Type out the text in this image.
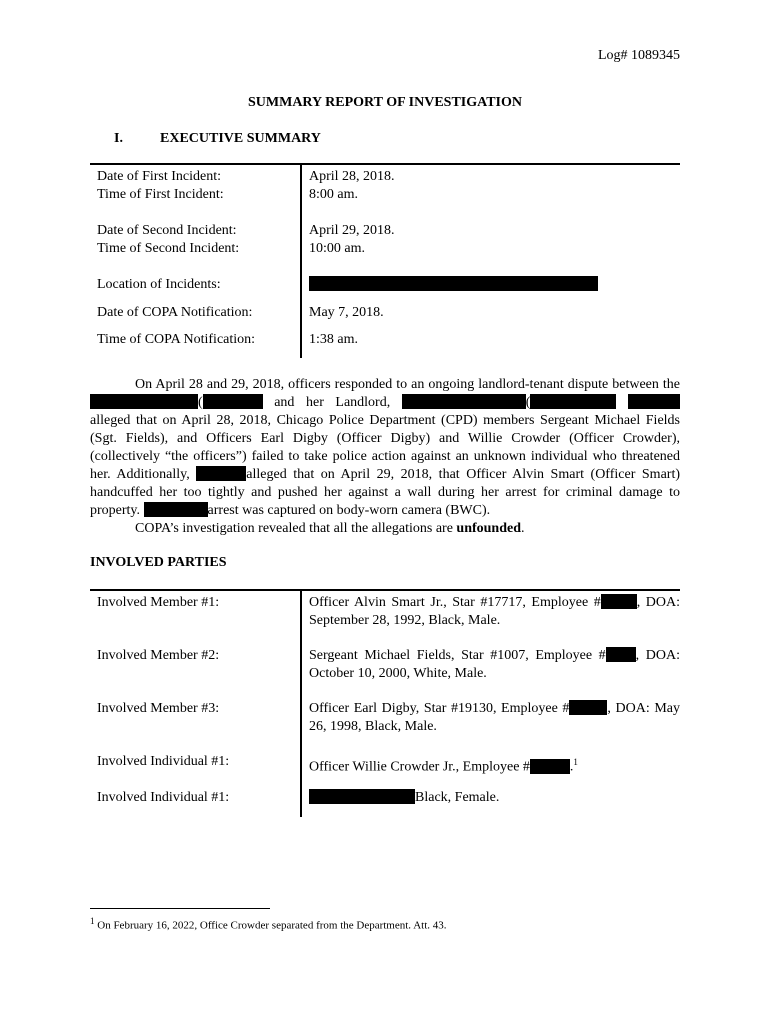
Log# 1089345
SUMMARY REPORT OF INVESTIGATION
I.	EXECUTIVE SUMMARY
Date of First Incident:	April 28, 2018.
Time of First Incident:	8:00 am.
Date of Second Incident:	April 29, 2018.
Time of Second Incident:	10:00 am.
Location of Incidents:
Date of COPA Notification:	May 7, 2018.
Time of COPA Notification:	1:38 am.

On April 28 and 29, 2018, officers responded to an ongoing landlord-tenant dispute between the (	and her Landlord,	( alleged that on April 28, 2018, Chicago Police Department (CPD) members Sergeant Michael Fields (Sgt. Fields), and Officers Earl Digby (Officer Digby) and Willie Crowder (Officer Crowder), (collectively “the officers”) failed to take police action against an unknown individual who threatened her. Additionally,	alleged that on April 29, 2018, that Officer Alvin Smart (Officer Smart) handcuffed her too tightly and pushed her against a wall during her arrest for criminal damage to property.	arrest was captured on body-worn camera (BWC).

COPA’s investigation revealed that all the allegations are unfounded.

INVOLVED PARTIES
Involved Member #1:	Officer Alvin Smart Jr., Star #17717, Employee #	, DOA: September 28, 1992, Black, Male.
Involved Member #2:	Sergeant Michael Fields, Star #1007, Employee # , DOA: October 10, 2000, White, Male.
Involved Member #3:	Officer Earl Digby, Star #19130, Employee #	, DOA: May 26, 1998, Black, Male.
Involved Individual #1:	Officer Willie Crowder Jr., Employee #	.$^1$
Involved Individual #1:	Black, Female.
$^1$ On February 16, 2022, Office Crowder separated from the Department. Att. 43.
